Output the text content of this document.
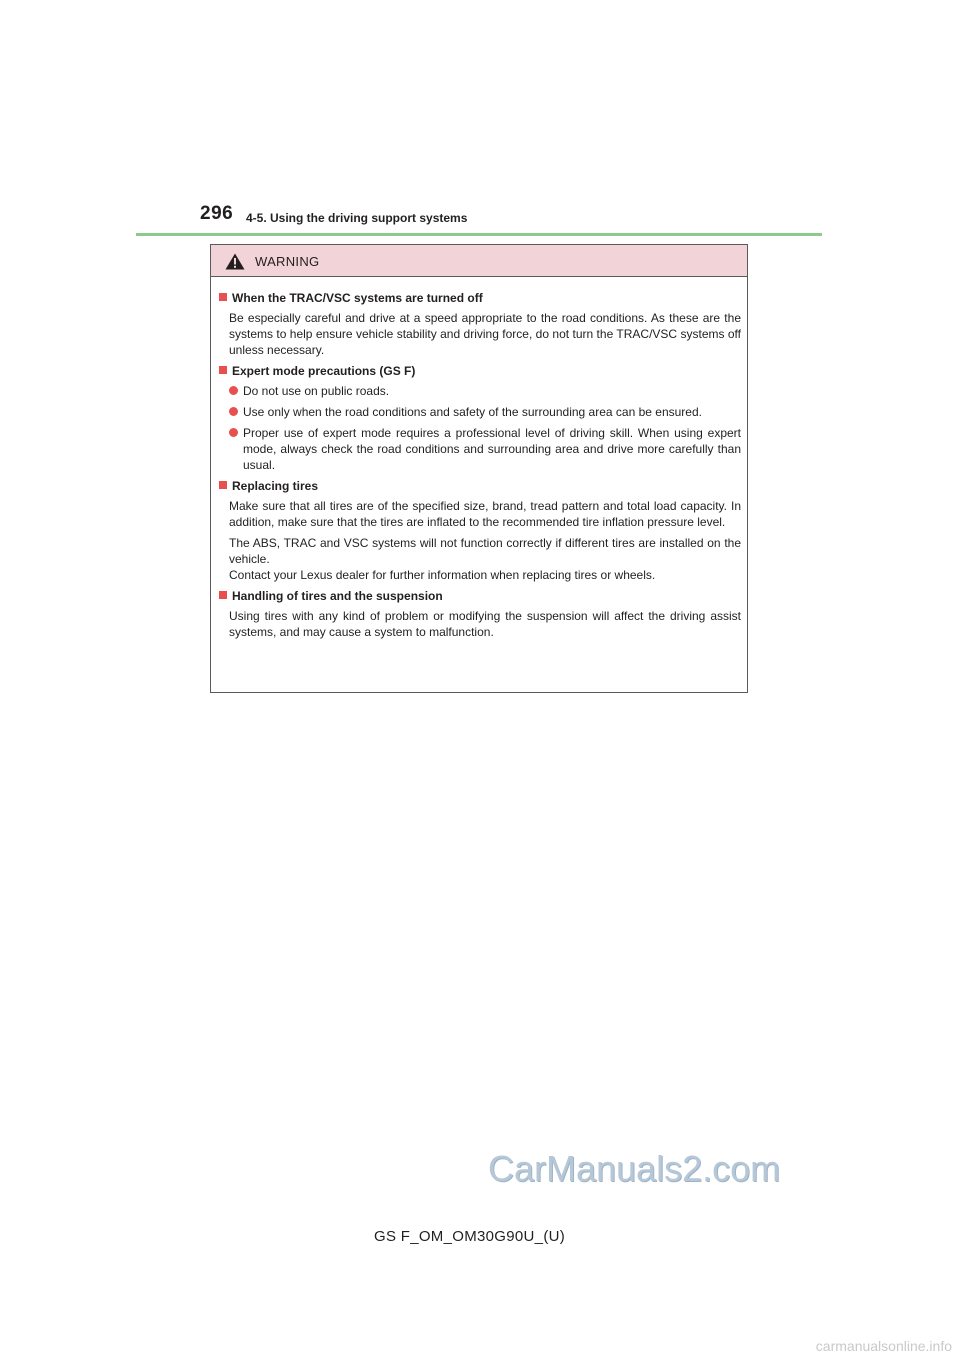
296 4-5. Using the driving support systems
WARNING
When the TRAC/VSC systems are turned off

Be especially careful and drive at a speed appropriate to the road conditions. As these are the systems to help ensure vehicle stability and driving force, do not turn the TRAC/VSC systems off unless necessary.

Expert mode precautions (GS F)
Do not use on public roads.
Use only when the road conditions and safety of the surrounding area can be ensured.
Proper use of expert mode requires a professional level of driving skill. When using expert mode, always check the road conditions and surrounding area and drive more carefully than usual.
Replacing tires

Make sure that all tires are of the specified size, brand, tread pattern and total load capacity. In addition, make sure that the tires are inflated to the recommended tire inflation pressure level.

The ABS, TRAC and VSC systems will not function correctly if different tires are installed on the vehicle.

Contact your Lexus dealer for further information when replacing tires or wheels.

Handling of tires and the suspension

Using tires with any kind of problem or modifying the suspension will affect the driving assist systems, and may cause a system to malfunction.

CarManuals2.com
GS F_OM_OM30G90U_(U)
carmanualsonline.info
